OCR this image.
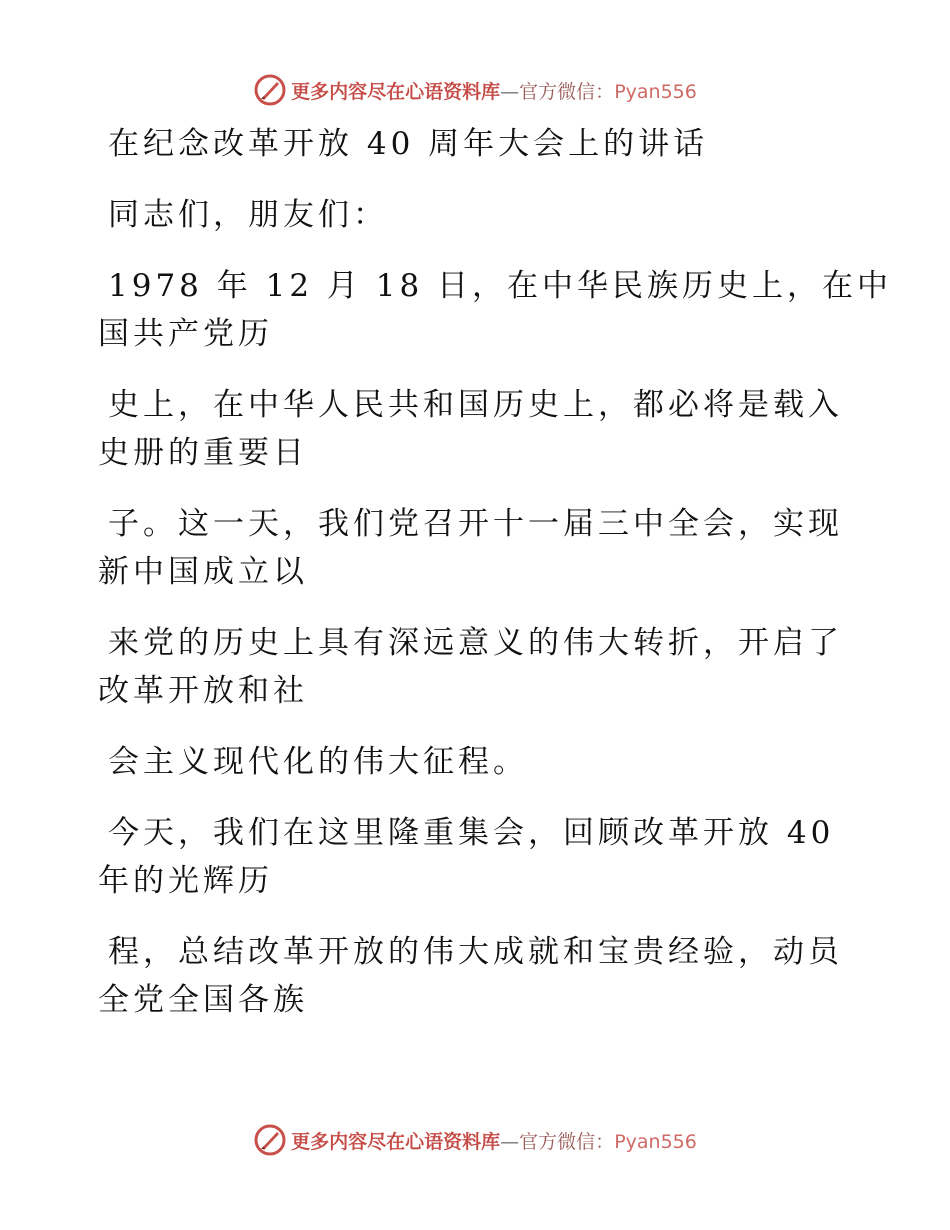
更多内容尽在心语资料库—官方微信：Pyan556

在纪念改革开放 40 周年大会上的讲话

同志们，朋友们：

1978 年 12 月 18 日，在中华民族历史上，在中

国共产党历

史上，在中华人民共和国历史上，都必将是载入

史册的重要日

子。这一天，我们党召开十一届三中全会，实现

新中国成立以

来党的历史上具有深远意义的伟大转折，开启了

改革开放和社

会主义现代化的伟大征程。

今天，我们在这里隆重集会，回顾改革开放 40

年的光辉历

程，总结改革开放的伟大成就和宝贵经验，动员

全党全国各族

更多内容尽在心语资料库—官方微信：Pyan556
